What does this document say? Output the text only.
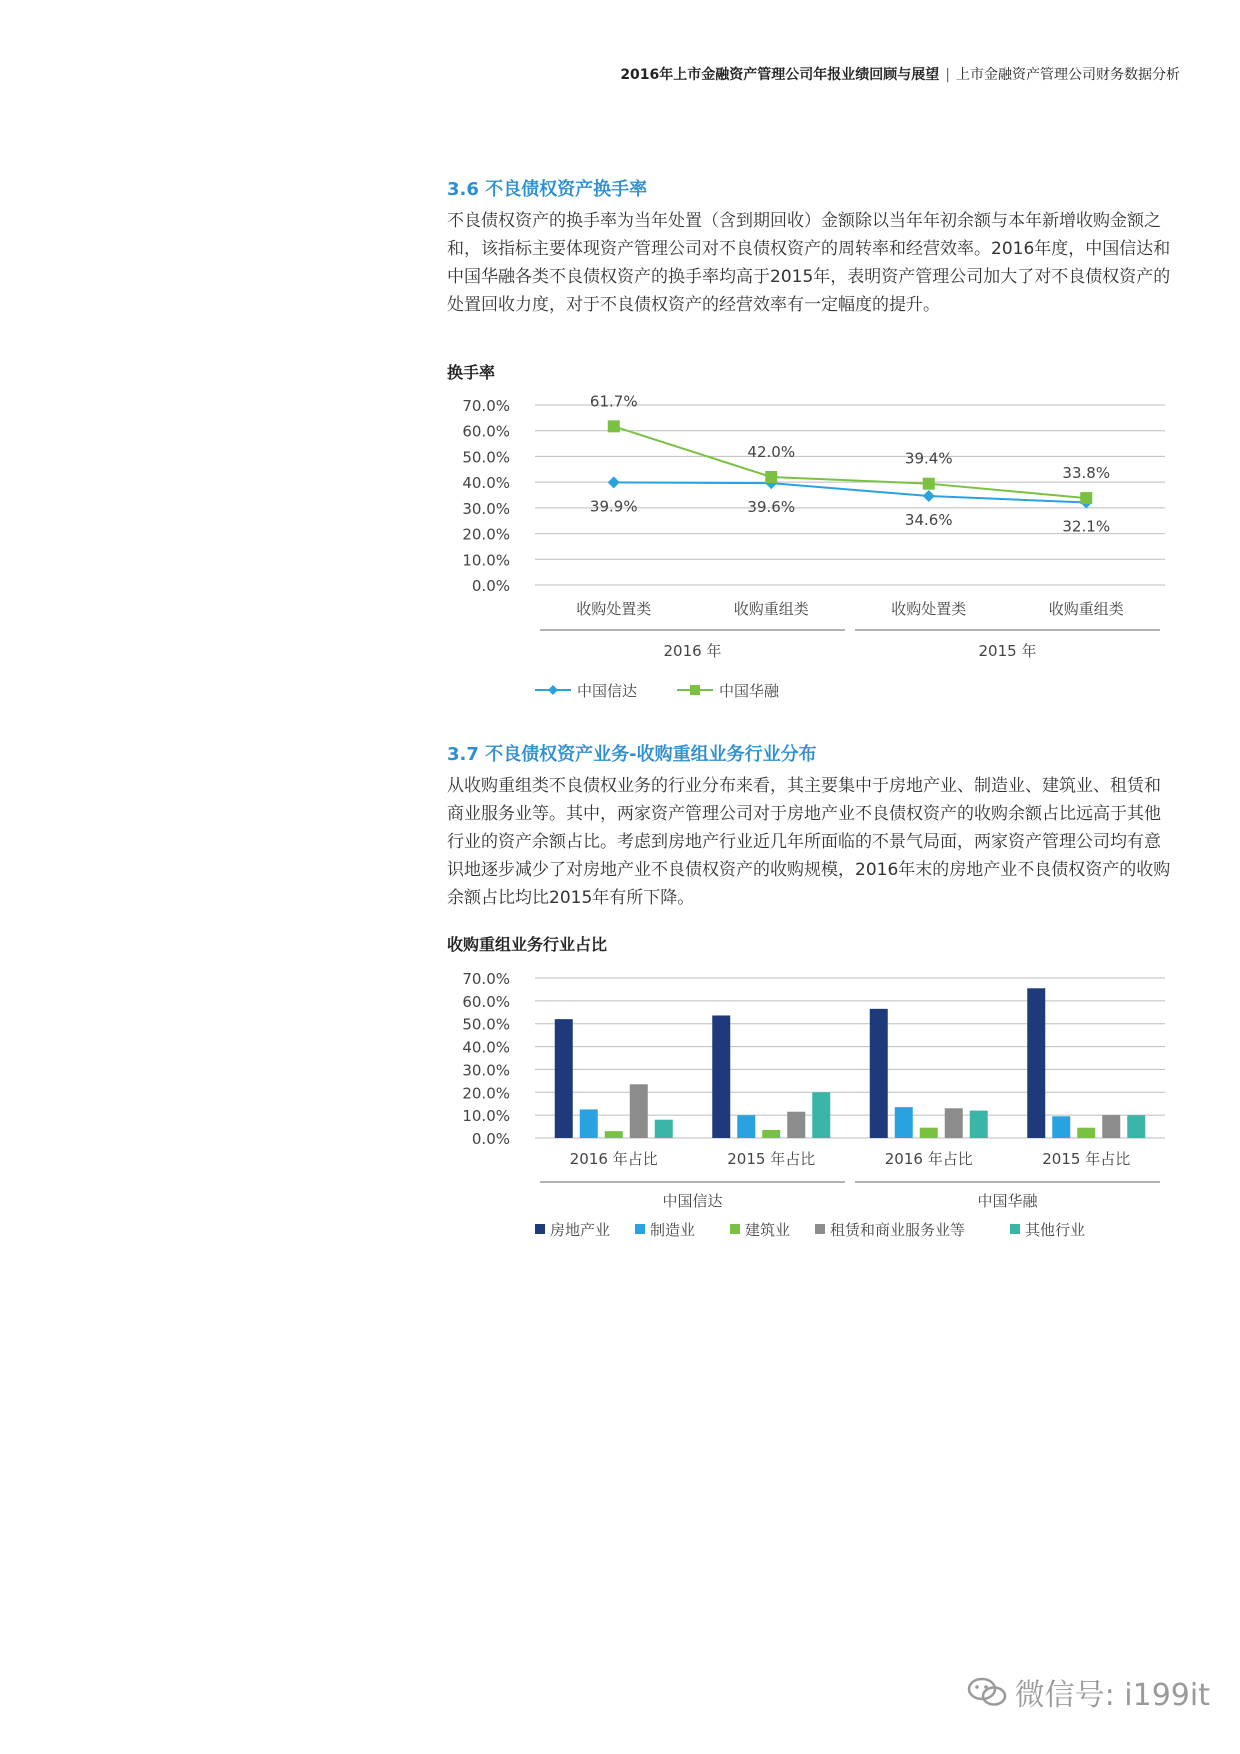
2016年上市金融资产管理公司年报业绩回顾与展望 | 上市金融资产管理公司财务数据分析
3.6 不良债权资产换手率

不良债权资产的换手率为当年处置（含到期回收）金额除以当年年初余额与本年新增收购金额之和，该指标主要体现资产管理公司对不良债权资产的周转率和经营效率。2016年度，中国信达和中国华融各类不良债权资产的换手率均高于2015年，表明资产管理公司加大了对不良债权资产的处置回收力度，对于不良债权资产的经营效率有一定幅度的提升。

换手率
70.0%
60.0%
50.0%
40.0%
30.0%
20.0%
10.0%
0.0%
收购处置类	收购重组类	收购处置类	收购重组类
2016 年	2015 年
39.9%	39.6%
34.6%	32.1%
61.7%
42.0%	39.4%
33.8%
中国信达	中国华融
3.7 不良债权资产业务-收购重组业务行业分布

从收购重组类不良债权业务的行业分布来看，其主要集中于房地产业、制造业、建筑业、租赁和商业服务业等。其中，两家资产管理公司对于房地产业不良债权资产的收购余额占比远高于其他行业的资产余额占比。考虑到房地产行业近几年所面临的不景气局面，两家资产管理公司均有意识地逐步减少了对房地产业不良债权资产的收购规模，2016年末的房地产业不良债权资产的收购余额占比均比2015年有所下降。

收购重组业务行业占比
70.0%
60.0%
50.0%
40.0%
30.0%
20.0%
10.0%
0.0%
2016 年占比	2015 年占比	2016 年占比	2015 年占比
中国信达	中国华融
房地产业	制造业	建筑业	租赁和商业服务业等	其他行业
微信号: i199it
